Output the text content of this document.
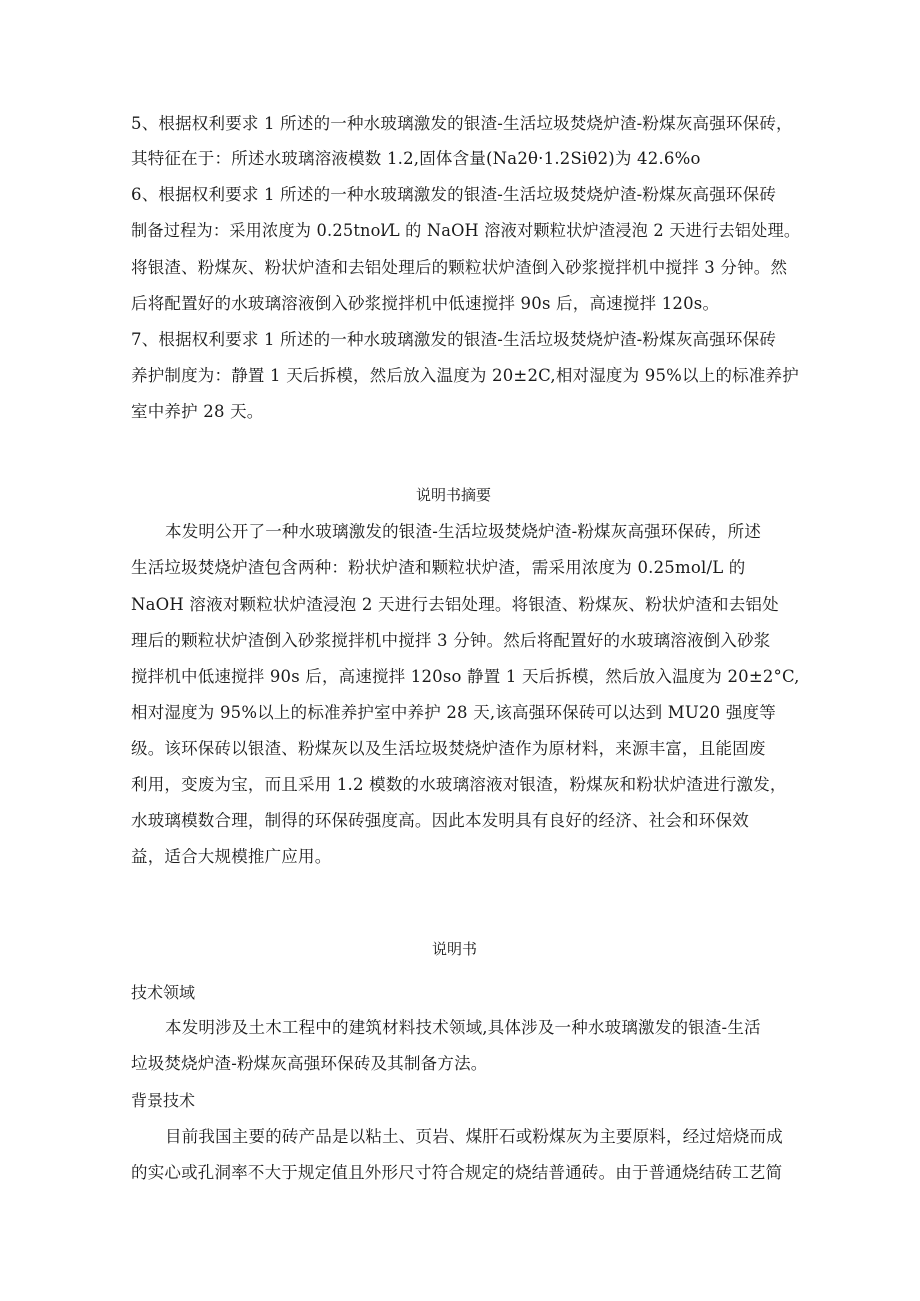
5、根据权利要求 1 所述的一种水玻璃激发的银渣-生活垃圾焚烧炉渣-粉煤灰高强环保砖，
其特征在于：所述水玻璃溶液模数 1.2,固体含量(Na2θ·1.2Siθ2)为 42.6%o
6、根据权利要求 1 所述的一种水玻璃激发的银渣-生活垃圾焚烧炉渣-粉煤灰高强环保砖
制备过程为：采用浓度为 0.25tnol⁄L 的 NaOH 溶液对颗粒状炉渣浸泡 2 天进行去铝处理。
将银渣、粉煤灰、粉状炉渣和去铝处理后的颗粒状炉渣倒入砂浆搅拌机中搅拌 3 分钟。然
后将配置好的水玻璃溶液倒入砂浆搅拌机中低速搅拌 90s 后，高速搅拌 120s。
7、根据权利要求 1 所述的一种水玻璃激发的银渣-生活垃圾焚烧炉渣-粉煤灰高强环保砖
养护制度为：静置 1 天后拆模，然后放入温度为 20±2C,相对湿度为 95%以上的标准养护
室中养护 28 天。
说明书摘要
本发明公开了一种水玻璃激发的银渣-生活垃圾焚烧炉渣-粉煤灰高强环保砖，所述
生活垃圾焚烧炉渣包含两种：粉状炉渣和颗粒状炉渣，需采用浓度为 0.25mol/L 的
NaOH 溶液对颗粒状炉渣浸泡 2 天进行去铝处理。将银渣、粉煤灰、粉状炉渣和去铝处
理后的颗粒状炉渣倒入砂浆搅拌机中搅拌 3 分钟。然后将配置好的水玻璃溶液倒入砂浆
搅拌机中低速搅拌 90s 后，高速搅拌 120so 静置 1 天后拆模，然后放入温度为 20±2°C,
相对湿度为 95%以上的标准养护室中养护 28 天,该高强环保砖可以达到 MU20 强度等
级。该环保砖以银渣、粉煤灰以及生活垃圾焚烧炉渣作为原材料，来源丰富，且能固废
利用，变废为宝，而且采用 1.2 模数的水玻璃溶液对银渣，粉煤灰和粉状炉渣进行激发，
水玻璃模数合理，制得的环保砖强度高。因此本发明具有良好的经济、社会和环保效
益，适合大规模推广应用。
说明书
技术领域
本发明涉及土木工程中的建筑材料技术领域,具体涉及一种水玻璃激发的银渣-生活
垃圾焚烧炉渣-粉煤灰高强环保砖及其制备方法。
背景技术
目前我国主要的砖产品是以粘土、页岩、煤肝石或粉煤灰为主要原料，经过焙烧而成
的实心或孔洞率不大于规定值且外形尺寸符合规定的烧结普通砖。由于普通烧结砖工艺简
